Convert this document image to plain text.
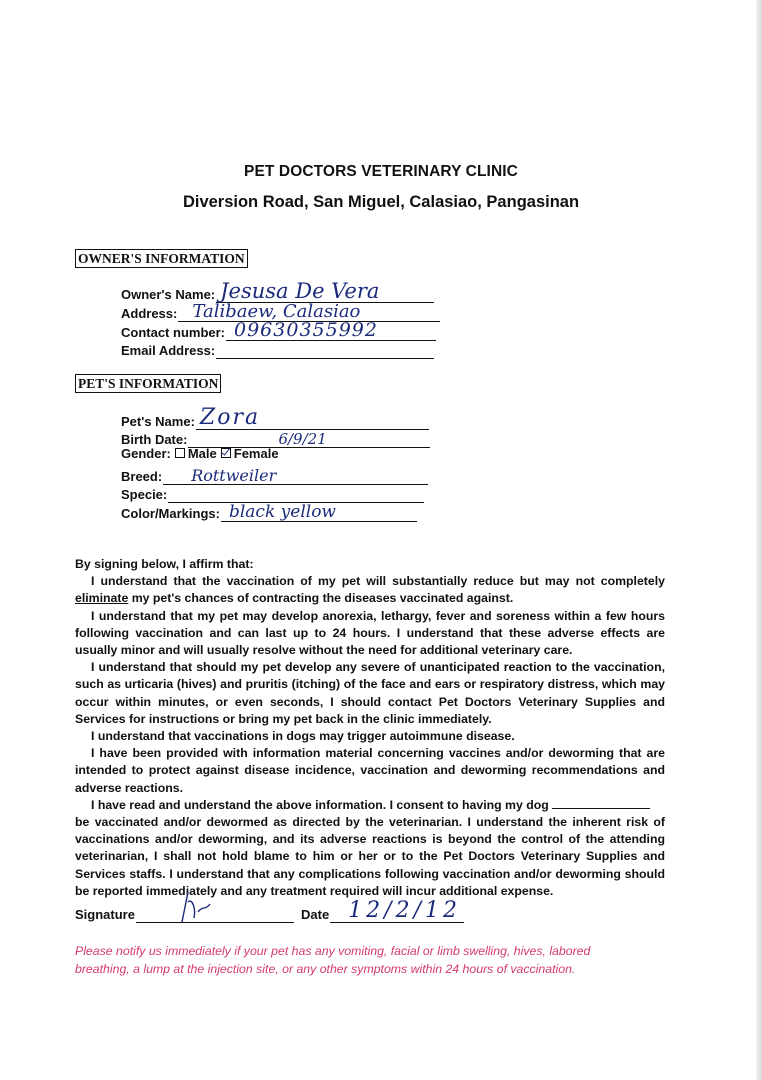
PET DOCTORS VETERINARY CLINIC
Diversion Road, San Miguel, Calasiao, Pangasinan
OWNER'S INFORMATION
Owner's Name: Jesusa De Vera
Address: Talibaew, Calasiao
Contact number: 09630355992
Email Address:
PET'S INFORMATION
Pet's Name: Zora
Birth Date:	6/9/21
Gender: Male Female
Breed: Rottweiler
Specie:
Color/Markings: black yellow

By signing below, I affirm that:

I understand that the vaccination of my pet will substantially reduce but may not completely eliminate my pet's chances of contracting the diseases vaccinated against.

I understand that my pet may develop anorexia, lethargy, fever and soreness within a few hours following vaccination and can last up to 24 hours. I understand that these adverse effects are usually minor and will usually resolve without the need for additional veterinary care.

I understand that should my pet develop any severe of unanticipated reaction to the vaccination, such as urticaria (hives) and pruritis (itching) of the face and ears or respiratory distress, which may occur within minutes, or even seconds, I should contact Pet Doctors Veterinary Supplies and Services for instructions or bring my pet back in the clinic immediately.

I understand that vaccinations in dogs may trigger autoimmune disease.

I have been provided with information material concerning vaccines and/or deworming that are intended to protect against disease incidence, vaccination and deworming recommendations and adverse reactions.

I have read and understand the above information. I consent to having my dog

be vaccinated and/or dewormed as directed by the veterinarian. I understand the inherent risk of vaccinations and/or deworming, and its adverse reactions is beyond the control of the attending veterinarian, I shall not hold blame to him or her or to the Pet Doctors Veterinary Supplies and Services staffs. I understand that any complications following vaccination and/or deworming should be reported immediately and any treatment required will incur additional expense.

Signature	Date 12/2/12
Please notify us immediately if your pet has any vomiting, facial or limb swelling, hives, labored breathing, a lump at the injection site, or any other symptoms within 24 hours of vaccination.
